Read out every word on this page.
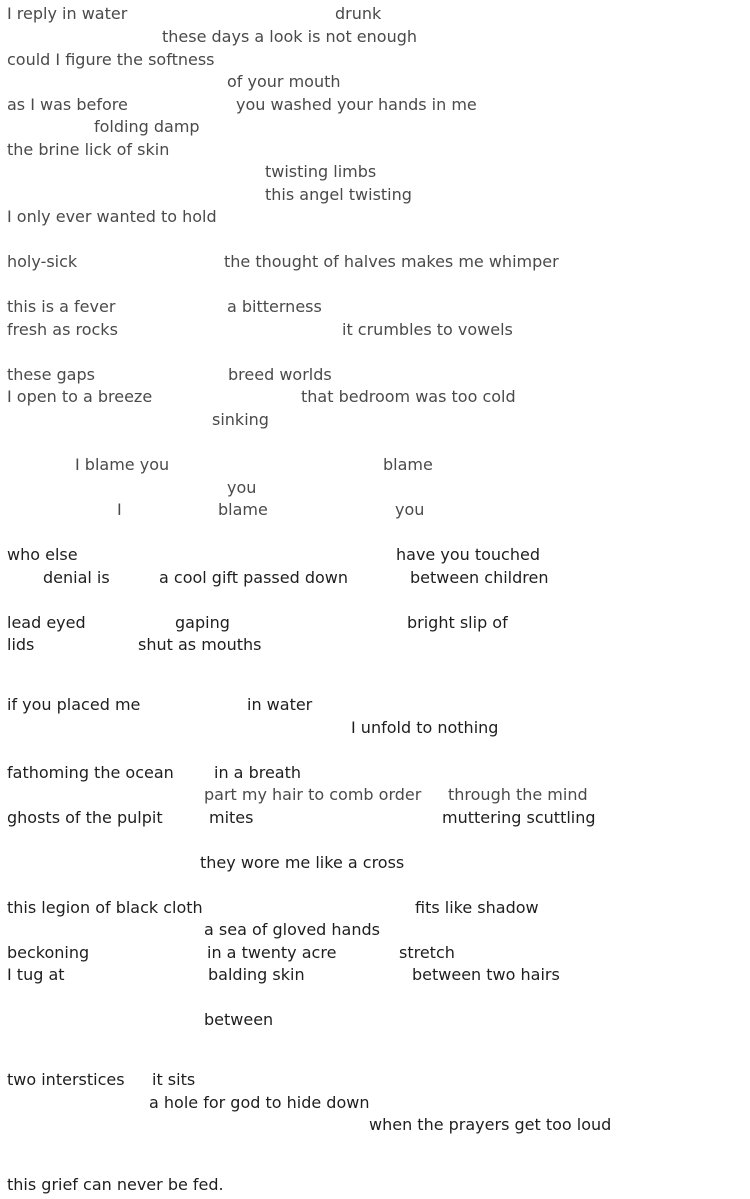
I reply in water	drunk
these days a look is not enough
could I figure the softness
of your mouth
as I was before	you washed your hands in me
folding damp
the brine lick of skin
twisting limbs
this angel twisting
I only ever wanted to hold
holy-sick	the thought of halves makes me whimper
this is a fever	a bitterness
fresh as rocks	it crumbles to vowels
these gaps	breed worlds
I open to a breeze	that bedroom was too cold
sinking
I blame you	blame
you
I	blame	you
who else	have you touched
denial is	a cool gift passed down	between children
lead eyed	gaping	bright slip of
lids	shut as mouths
if you placed me	in water
I unfold to nothing
fathoming the ocean	in a breath
part my hair to comb order through the mind
ghosts of the pulpit	mites	muttering scuttling
they wore me like a cross
this legion of black cloth	fits like shadow
a sea of gloved hands
beckoning	in a twenty acre	stretch
I tug at	balding skin	between two hairs
between
two interstices it sits
a hole for god to hide down
when the prayers get too loud
this grief can never be fed.
